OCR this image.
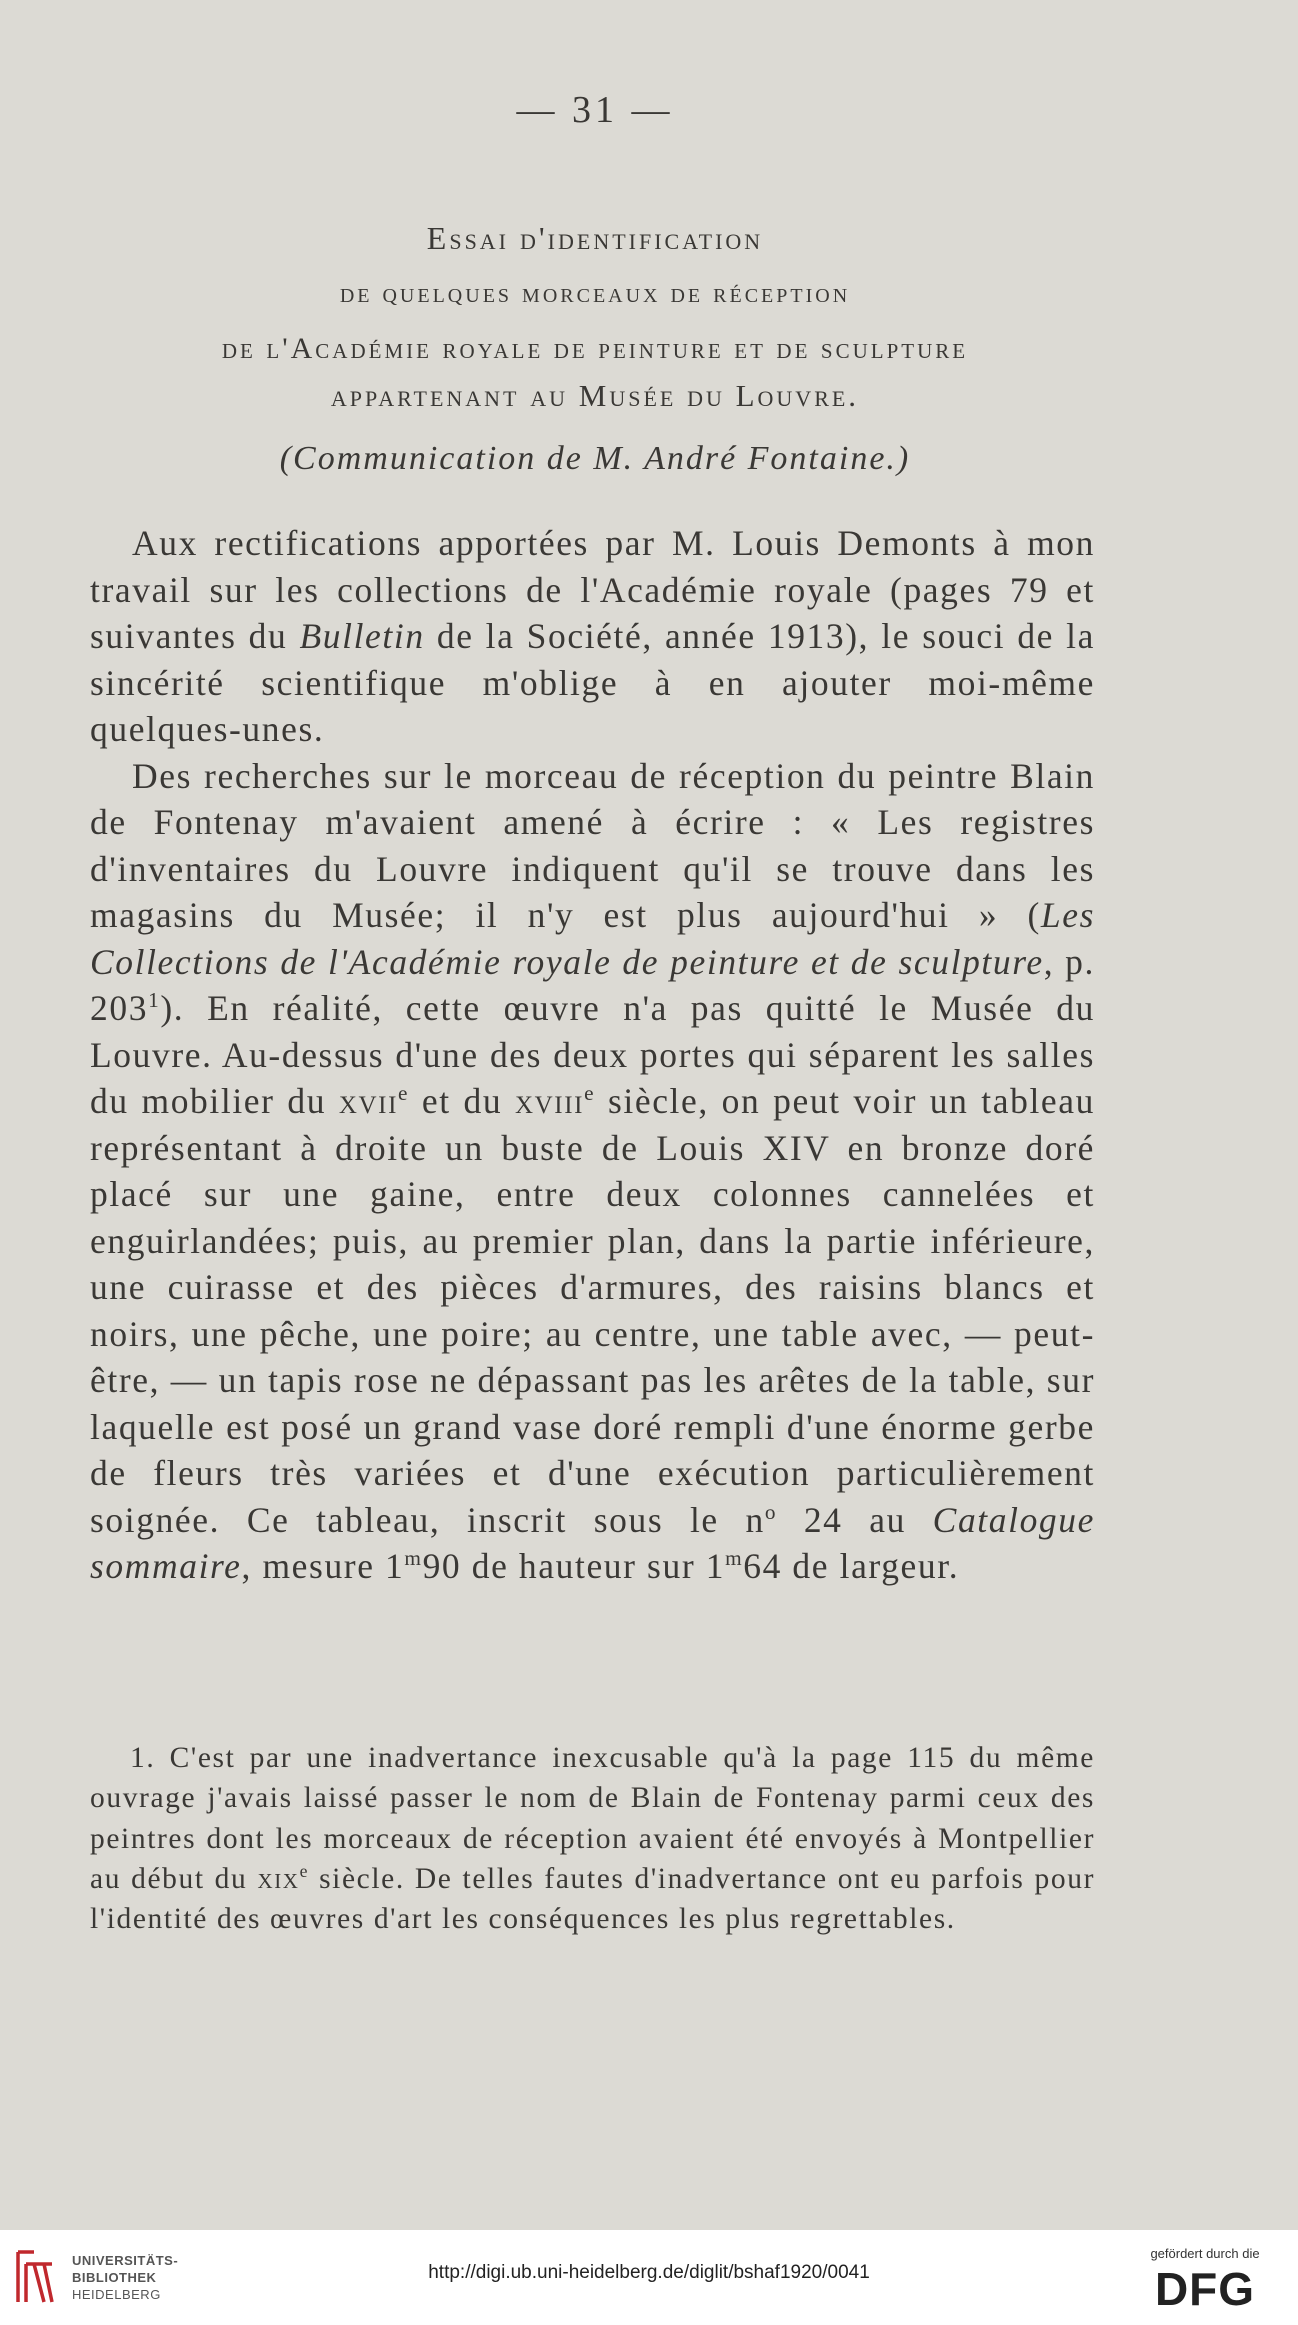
— 31 —
Essai d'identification
de quelques morceaux de réception
de l'Académie royale de peinture et de sculpture
appartenant au Musée du Louvre.
(Communication de M. André Fontaine.)

Aux rectifications apportées par M. Louis Demonts à mon travail sur les collections de l'Académie royale (pages 79 et suivantes du Bulletin de la Société, année 1913), le souci de la sincérité scientifique m'oblige à en ajouter moi-même quelques-unes.

Des recherches sur le morceau de réception du peintre Blain de Fontenay m'avaient amené à écrire : « Les registres d'inventaires du Louvre indiquent qu'il se trouve dans les magasins du Musée; il n'y est plus aujourd'hui » (Les Collections de l'Académie royale de peinture et de sculpture, p. $203^1$). En réalité, cette œuvre n'a pas quitté le Musée du Louvre. Au-dessus d'une des deux portes qui séparent les salles du mobilier du xvii$^e$ et du xviii$^e$ siècle, on peut voir un tableau représentant à droite un buste de Louis XIV en bronze doré placé sur une gaine, entre deux colonnes cannelées et enguirlandées; puis, au premier plan, dans la partie inférieure, une cuirasse et des pièces d'armures, des raisins blancs et noirs, une pêche, une poire; au centre, une table avec, — peut-être, — un tapis rose ne dépassant pas les arêtes de la table, sur laquelle est posé un grand vase doré rempli d'une énorme gerbe de fleurs très variées et d'une exécution particulièrement soignée. Ce tableau, inscrit sous le $n^o$ 24 au Catalogue sommaire, mesure 1$^m$90 de hauteur sur 1$^m$64 de largeur.

1. C'est par une inadvertance inexcusable qu'à la page 115 du même ouvrage j'avais laissé passer le nom de Blain de Fontenay parmi ceux des peintres dont les morceaux de réception avaient été envoyés à Montpellier au début du xix$^e$ siècle. De telles fautes d'inadvertance ont eu parfois pour l'identité des œuvres d'art les conséquences les plus regrettables.

UNIVERSITÄTS-
BIBLIOTHEK
HEIDELBERG
http://digi.ub.uni-heidelberg.de/diglit/bshaf1920/0041
gefördert durch die
DFG
